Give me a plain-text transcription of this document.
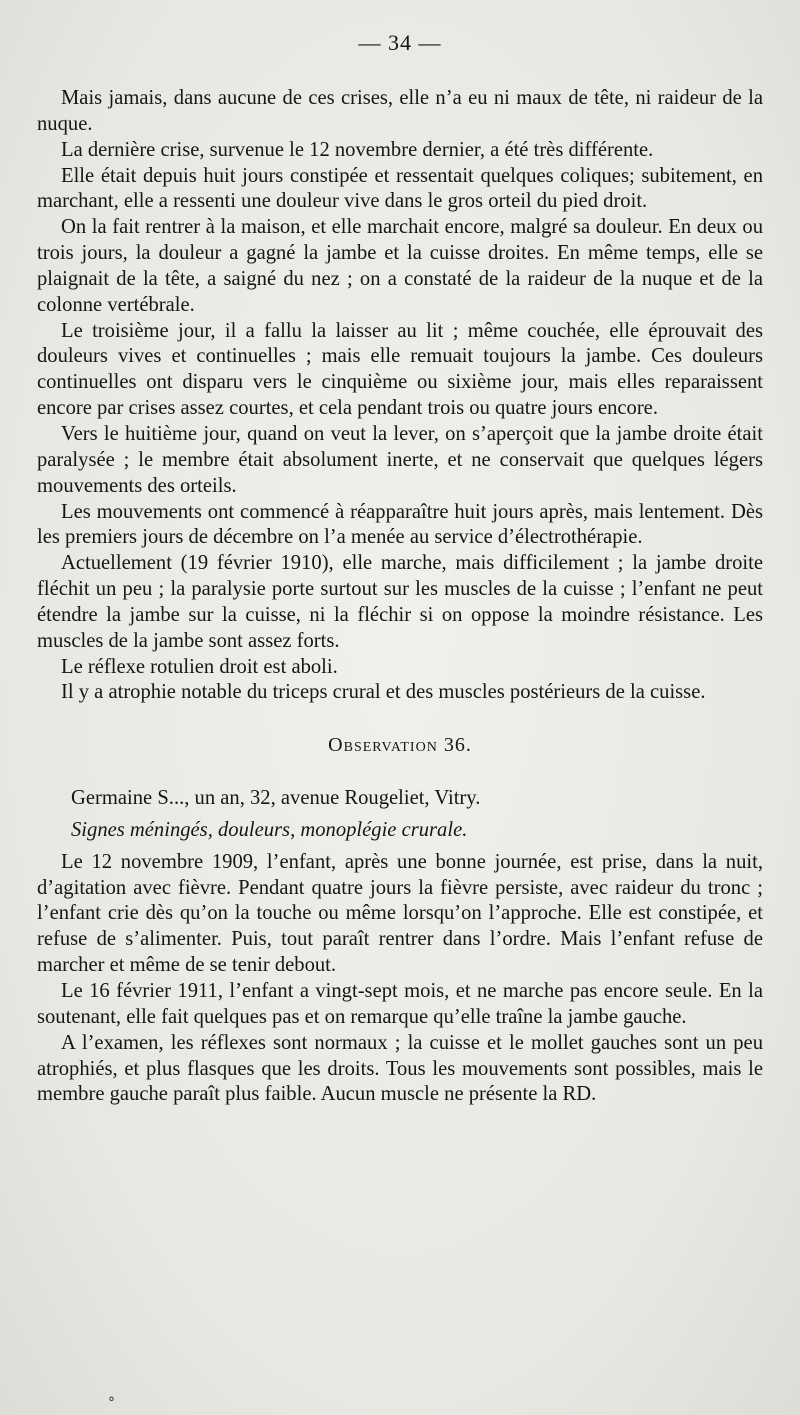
— 34 —

Mais jamais, dans aucune de ces crises, elle n’a eu ni maux de tête, ni raideur de la nuque.

La dernière crise, survenue le 12 novembre dernier, a été très différente.

Elle était depuis huit jours constipée et ressentait quelques coliques; subitement, en marchant, elle a ressenti une douleur vive dans le gros orteil du pied droit.

On la fait rentrer à la maison, et elle marchait encore, malgré sa douleur. En deux ou trois jours, la douleur a gagné la jambe et la cuisse droites. En même temps, elle se plaignait de la tête, a saigné du nez ; on a constaté de la raideur de la nuque et de la colonne vertébrale.

Le troisième jour, il a fallu la laisser au lit ; même couchée, elle éprouvait des douleurs vives et continuelles ; mais elle remuait toujours la jambe. Ces douleurs continuelles ont disparu vers le cinquième ou sixième jour, mais elles reparaissent encore par crises assez courtes, et cela pendant trois ou quatre jours encore.

Vers le huitième jour, quand on veut la lever, on s’aperçoit que la jambe droite était paralysée ; le membre était absolument inerte, et ne conservait que quelques légers mouvements des orteils.

Les mouvements ont commencé à réapparaître huit jours après, mais lentement. Dès les premiers jours de décembre on l’a menée au service d’électrothérapie.

Actuellement (19 février 1910), elle marche, mais difficilement ; la jambe droite fléchit un peu ; la paralysie porte surtout sur les muscles de la cuisse ; l’enfant ne peut étendre la jambe sur la cuisse, ni la fléchir si on oppose la moindre résistance. Les muscles de la jambe sont assez forts.

Le réflexe rotulien droit est aboli.

Il y a atrophie notable du triceps crural et des muscles postérieurs de la cuisse.

Observation 36.

Germaine S..., un an, 32, avenue Rougeliet, Vitry.

Signes méningés, douleurs, monoplégie crurale.

Le 12 novembre 1909, l’enfant, après une bonne journée, est prise, dans la nuit, d’agitation avec fièvre. Pendant quatre jours la fièvre persiste, avec raideur du tronc ; l’enfant crie dès qu’on la touche ou même lorsqu’on l’approche. Elle est constipée, et refuse de s’alimenter. Puis, tout paraît rentrer dans l’ordre. Mais l’enfant refuse de marcher et même de se tenir debout.

Le 16 février 1911, l’enfant a vingt-sept mois, et ne marche pas encore seule. En la soutenant, elle fait quelques pas et on remarque qu’elle traîne la jambe gauche.

A l’examen, les réflexes sont normaux ; la cuisse et le mollet gauches sont un peu atrophiés, et plus flasques que les droits. Tous les mouvements sont possibles, mais le membre gauche paraît plus faible. Aucun muscle ne présente la RD.

°
